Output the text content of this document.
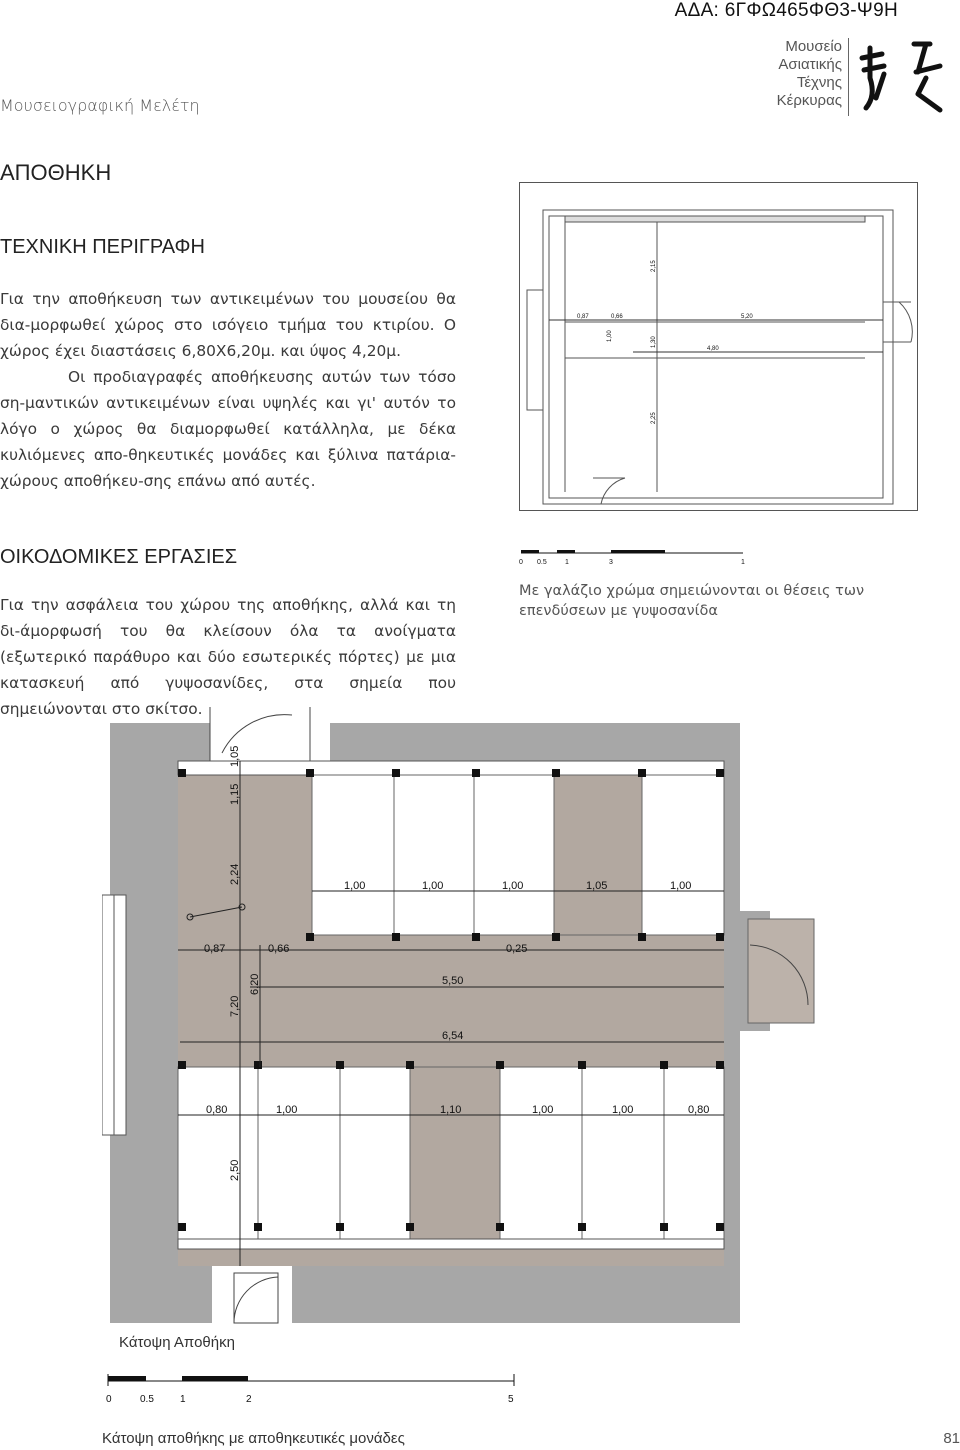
ΑΔΑ: 6ΓΦΩ465ΦΘ3-Ψ9Η
Μουσειογραφική Μελέτη
Μουσείο
Ασιατικής
Τέχνης
Κέρκυρας
ΑΠΟΘΗΚΗ
ΤΕΧΝΙΚΗ ΠΕΡΙΓΡΑΦΗ

Για την αποθήκευση των αντικειμένων του μουσείου θα δια-μορφωθεί χώρος στο ισόγειο τμήμα του κτιρίου. Ο χώρος έχει διαστάσεις 6,80Χ6,20μ. και ύψος 4,20μ.

Οι προδιαγραφές αποθήκευσης αυτών των τόσο ση-μαντικών αντικειμένων είναι υψηλές και γι' αυτόν το λόγο ο χώρος θα διαμορφωθεί κατάλληλα, με δέκα κυλιόμενες απο-θηκευτικές μονάδες και ξύλινα πατάρια-χώρους αποθήκευ-σης επάνω από αυτές.

ΟΙΚΟΔΟΜΙΚΕΣ ΕΡΓΑΣΙΕΣ

Για την ασφάλεια του χώρου της αποθήκης, αλλά και τη δι-άμορφωσή του θα κλείσουν όλα τα ανοίγματα (εξωτερικό παράθυρο και δύο εσωτερικές πόρτες) με μια κατασκευή από γυψοσανίδες, στα σημεία που σημειώνονται στο σκίτσο.

0,87	0,66	5,20
4,80
2,15
1,00
1,30
2,25
0 0.5	1	3	1
Με γαλάζιο χρώμα σημειώνονται οι θέσεις των επενδύσεων με γυψοσανίδα
1,00	1,00	1,00	1,05	1,00
0,87	0,66	0,25
5,50
6,54
0,80	1,00	1,10	1,00	1,00	0,80
7,20
6,20
2,24
1,15
1,05
2,50
Κάτοψη Αποθήκη
0	0.5	1	2	5
Κάτοψη αποθήκης με αποθηκευτικές μονάδες	81
